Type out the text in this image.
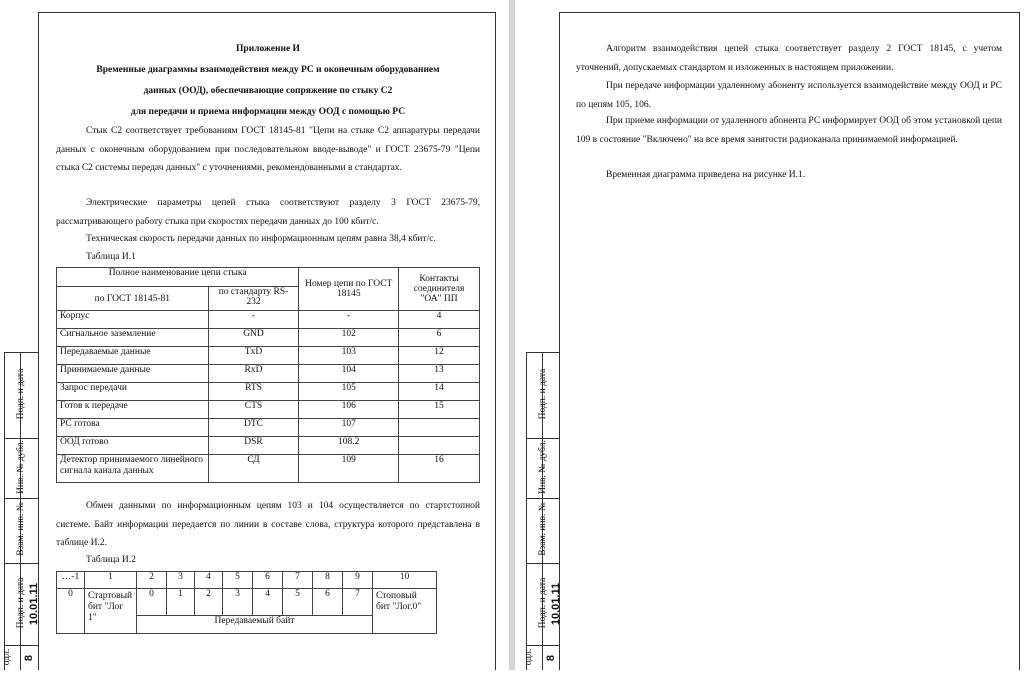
Подп. и дата
Инв. № дубл.
Взам. инв. №
Подп. и дата 10.01.11
одл. 8
Приложение И
Временные диаграммы взаимодействия между РС и оконечным оборудованием
данных (ООД), обеспечивающие сопряжение по стыку С2
для передачи и приема информации между ООД с помощью РС
Стык С2 соответствует требованиям ГОСТ 18145-81 "Цепи на стыке С2 аппаратуры передачи данных с оконечным оборудованием при последовательном вводе-выводе" и ГОСТ 23675-79 "Цепи стыка С2 системы передач данных" с уточнениями, рекомендованными в стандартах.
Электрические параметры цепей стыка соответствуют разделу 3 ГОСТ 23675-79, рассматривающего работу стыка при скоростях передачи данных до 100 кбит/с.
Техническая скорость передачи данных по информационным цепям равна 38,4 кбит/с.
Таблица И.1
Полное наименование цепи стыка		Номер цепи по ГОСТ 18145	Контакты соединителя "ОА" ПП
по ГОСТ 18145-81	по стандарту RS-232		
Корпус	-	-	4
Сигнальное заземление	GND	102	6
Передаваемые данные	TxD	103	12
Принимаемые данные	RxD	104	13
Запрос передачи	RTS	105	14
Готов к передаче	CTS	106	15
РС готова	DTC	107	
ООД готово	DSR	108.2	
Детектор принимаемого линейного сигнала канала данных	СД	109	16
Обмен данными по информационным цепям 103 и 104 осуществляется по стартстопной системе. Байт информации передается по линии в составе слова, структура которого представлена в таблице И.2.
Таблица И.2
…-1	1	2	3	4	5	6	7	8	9	10
0	Стартовый бит "Лог 1"	0	1	2	3	4	5	6	7	Стоповый бит "Лог.0"
		Передаваемый байт								
Подп. и дата
Инв. № дубл.
Взам. инв. №
Подп. и дата 10.01.11
одл. 8
Алгоритм взаимодействия цепей стыка соответствует разделу 2 ГОСТ 18145, с учетом уточнений, допускаемых стандартом и изложенных в настоящем приложении.
При передаче информации удаленному абоненту используется взаимодействие между ООД и РС по цепям 105, 106.
При приеме информации от удаленного абонента РС информирует ООД об этом установкой цепи 109 в состояние "Включено" на все время занятости радиоканала принимаемой информацией.
Временная диаграмма приведена на рисунке И.1.
